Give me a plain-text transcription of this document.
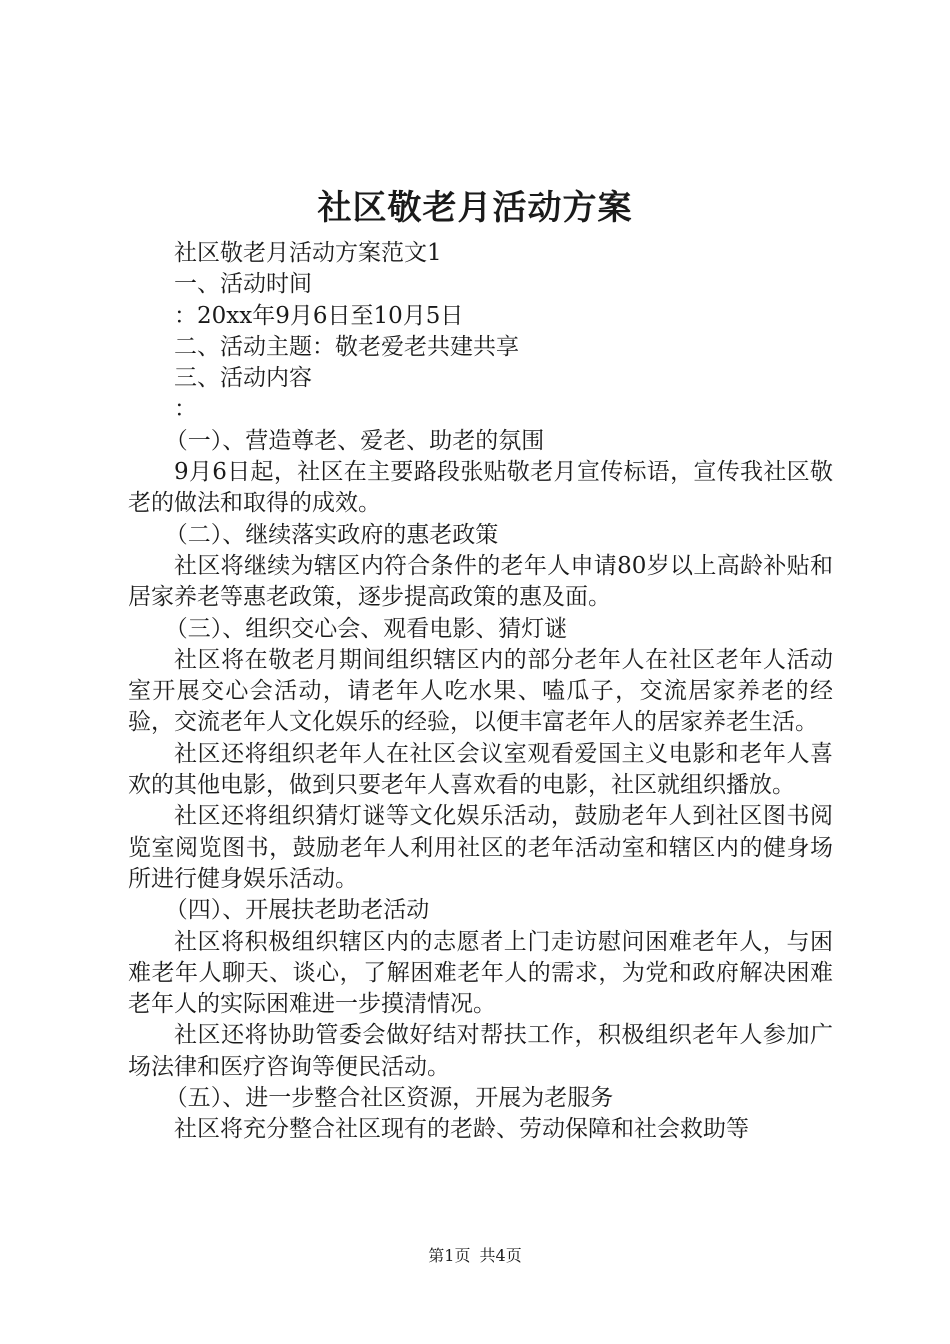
社区敬老月活动方案

社区敬老月活动方案范文1

一、活动时间

：20xx年9月6日至10月5日

二、活动主题：敬老爱老共建共享

三、活动内容

：

（一）、营造尊老、爱老、助老的氛围

9月6日起，社区在主要路段张贴敬老月宣传标语，宣传我社区敬老的做法和取得的成效。

（二）、继续落实政府的惠老政策

社区将继续为辖区内符合条件的老年人申请80岁以上高龄补贴和居家养老等惠老政策，逐步提高政策的惠及面。

（三）、组织交心会、观看电影、猜灯谜

社区将在敬老月期间组织辖区内的部分老年人在社区老年人活动室开展交心会活动，请老年人吃水果、嗑瓜子，交流居家养老的经验，交流老年人文化娱乐的经验，以便丰富老年人的居家养老生活。

社区还将组织老年人在社区会议室观看爱国主义电影和老年人喜欢的其他电影，做到只要老年人喜欢看的电影，社区就组织播放。

社区还将组织猜灯谜等文化娱乐活动，鼓励老年人到社区图书阅览室阅览图书，鼓励老年人利用社区的老年活动室和辖区内的健身场所进行健身娱乐活动。

（四）、开展扶老助老活动

社区将积极组织辖区内的志愿者上门走访慰问困难老年人，与困难老年人聊天、谈心，了解困难老年人的需求，为党和政府解决困难老年人的实际困难进一步摸清情况。

社区还将协助管委会做好结对帮扶工作，积极组织老年人参加广场法律和医疗咨询等便民活动。

（五）、进一步整合社区资源，开展为老服务

社区将充分整合社区现有的老龄、劳动保障和社会救助等

第1页 共4页
